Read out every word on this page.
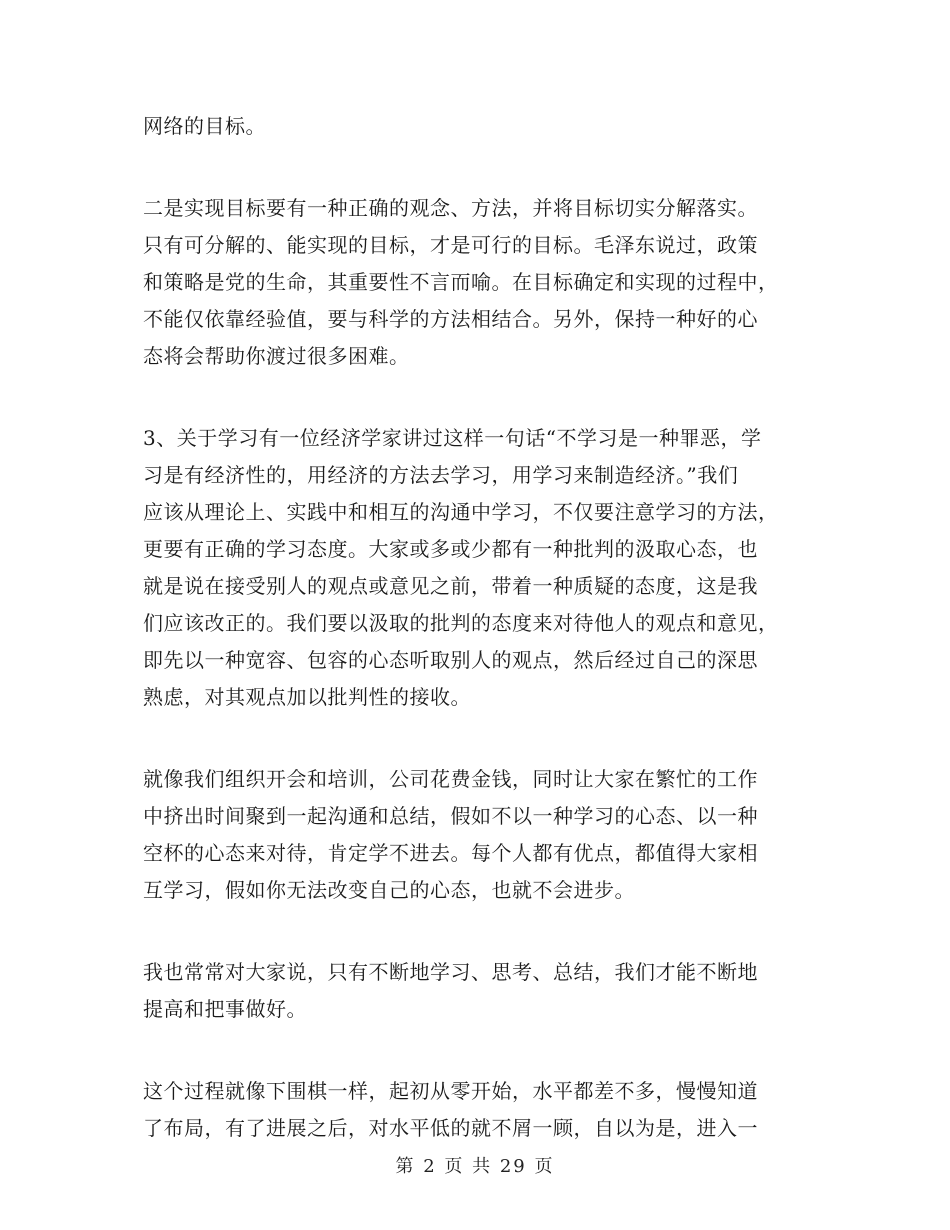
网络的目标。

二是实现目标要有一种正确的观念、方法，并将目标切实分解落实。
只有可分解的、能实现的目标，才是可行的目标。毛泽东说过，政策
和策略是党的生命，其重要性不言而喻。在目标确定和实现的过程中，
不能仅依靠经验值，要与科学的方法相结合。另外，保持一种好的心
态将会帮助你渡过很多困难。

3、关于学习有一位经济学家讲过这样一句话“不学习是一种罪恶，学
习是有经济性的，用经济的方法去学习，用学习来制造经济。”我们
应该从理论上、实践中和相互的沟通中学习，不仅要注意学习的方法，
更要有正确的学习态度。大家或多或少都有一种批判的汲取心态，也
就是说在接受别人的观点或意见之前，带着一种质疑的态度，这是我
们应该改正的。我们要以汲取的批判的态度来对待他人的观点和意见，
即先以一种宽容、包容的心态听取别人的观点，然后经过自己的深思
熟虑，对其观点加以批判性的接收。

就像我们组织开会和培训，公司花费金钱，同时让大家在繁忙的工作
中挤出时间聚到一起沟通和总结，假如不以一种学习的心态、以一种
空杯的心态来对待，肯定学不进去。每个人都有优点，都值得大家相
互学习，假如你无法改变自己的心态，也就不会进步。

我也常常对大家说，只有不断地学习、思考、总结，我们才能不断地
提高和把事做好。

这个过程就像下围棋一样，起初从零开始，水平都差不多，慢慢知道
了布局，有了进展之后，对水平低的就不屑一顾，自以为是，进入一

第 2 页 共 29 页
